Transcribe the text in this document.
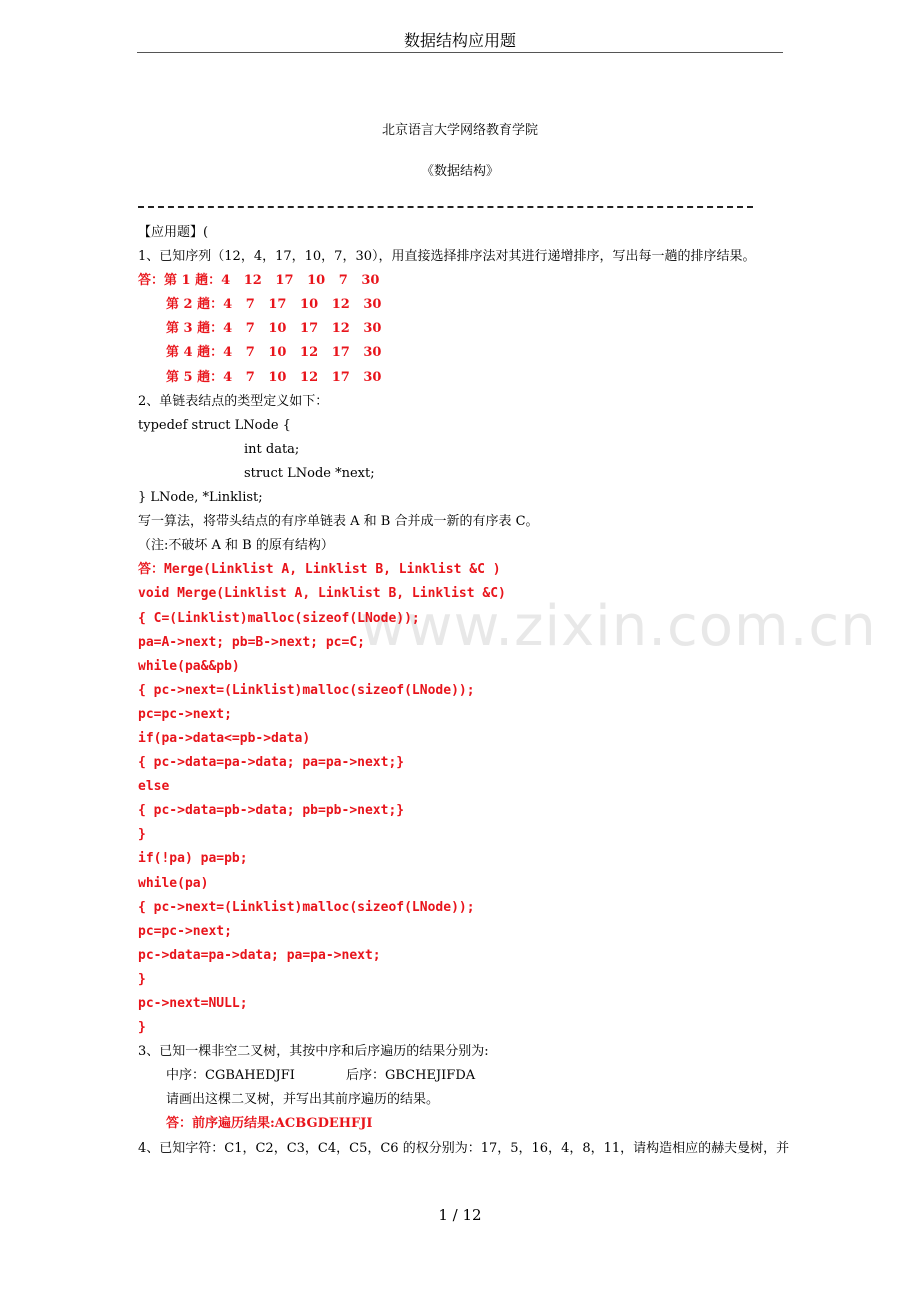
数据结构应用题
北京语言大学网络教育学院
《数据结构》
www.zixin.com.cn
【应用题】(
1、已知序列（12，4，17，10，7，30），用直接选择排序法对其进行递增排序，写出每一趟的排序结果。
答：第 1 趟：4   12   17   10   7   30
第 2 趟：4   7   17   10   12   30
第 3 趟：4   7   10   17   12   30
第 4 趟：4   7   10   12   17   30
第 5 趟：4   7   10   12   17   30
2、单链表结点的类型定义如下：
typedef struct LNode {
int data;
struct LNode *next;
} LNode, *Linklist;
写一算法，将带头结点的有序单链表 A 和 B 合并成一新的有序表 C。
（注:不破坏 A 和 B 的原有结构）
答：Merge(Linklist A, Linklist B, Linklist &C )
void Merge(Linklist A, Linklist B, Linklist &C)
{ C=(Linklist)malloc(sizeof(LNode));
pa=A->next; pb=B->next; pc=C;
while(pa&&pb)
{ pc->next=(Linklist)malloc(sizeof(LNode));
pc=pc->next;
if(pa->data<=pb->data)
{ pc->data=pa->data; pa=pa->next;}
else
{ pc->data=pb->data; pb=pb->next;}
}
if(!pa) pa=pb;
while(pa)
{ pc->next=(Linklist)malloc(sizeof(LNode));
pc=pc->next;
pc->data=pa->data; pa=pa->next;
}
pc->next=NULL;
}
3、已知一棵非空二叉树，其按中序和后序遍历的结果分别为:
中序：CGBAHEDJFI	后序：GBCHEJIFDA
请画出这棵二叉树，并写出其前序遍历的结果。
答：前序遍历结果:ACBGDEHFJI
4、已知字符：C1，C2，C3，C4，C5，C6 的权分别为：17，5，16，4，8，11，请构造相应的赫夫曼树，并
1 / 12
